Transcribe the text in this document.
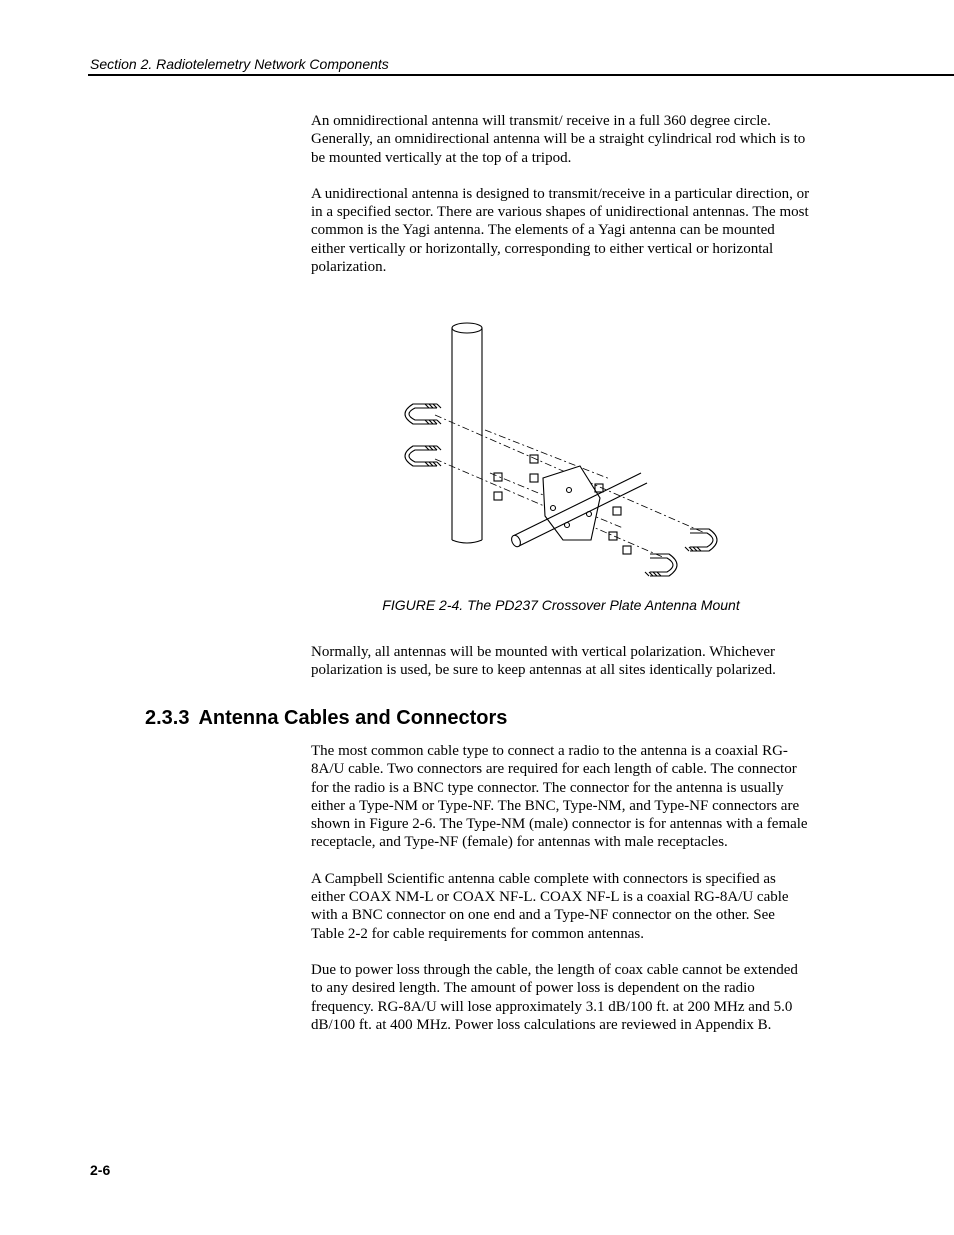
Section 2. Radiotelemetry Network Components

An omnidirectional antenna will transmit/ receive in a full 360 degree circle. Generally, an omnidirectional antenna will be a straight cylindrical rod which is to be mounted vertically at the top of a tripod.

A unidirectional antenna is designed to transmit/receive in a particular direction, or in a specified sector. There are various shapes of unidirectional antennas. The most common is the Yagi antenna. The elements of a Yagi antenna can be mounted either vertically or horizontally, corresponding to either vertical or horizontal polarization.

FIGURE 2-4. The PD237 Crossover Plate Antenna Mount

Normally, all antennas will be mounted with vertical polarization. Whichever polarization is used, be sure to keep antennas at all sites identically polarized.

2.3.3 Antenna Cables and Connectors

The most common cable type to connect a radio to the antenna is a coaxial RG-8A/U cable. Two connectors are required for each length of cable. The connector for the radio is a BNC type connector. The connector for the antenna is usually either a Type-NM or Type-NF. The BNC, Type-NM, and Type-NF connectors are shown in Figure 2-6. The Type-NM (male) connector is for antennas with a female receptacle, and Type-NF (female) for antennas with male receptacles.

A Campbell Scientific antenna cable complete with connectors is specified as either COAX NM-L or COAX NF-L. COAX NF-L is a coaxial RG-8A/U cable with a BNC connector on one end and a Type-NF connector on the other. See Table 2-2 for cable requirements for common antennas.

Due to power loss through the cable, the length of coax cable cannot be extended to any desired length. The amount of power loss is dependent on the radio frequency. RG-8A/U will lose approximately 3.1 dB/100 ft. at 200 MHz and 5.0 dB/100 ft. at 400 MHz. Power loss calculations are reviewed in Appendix B.

2-6
